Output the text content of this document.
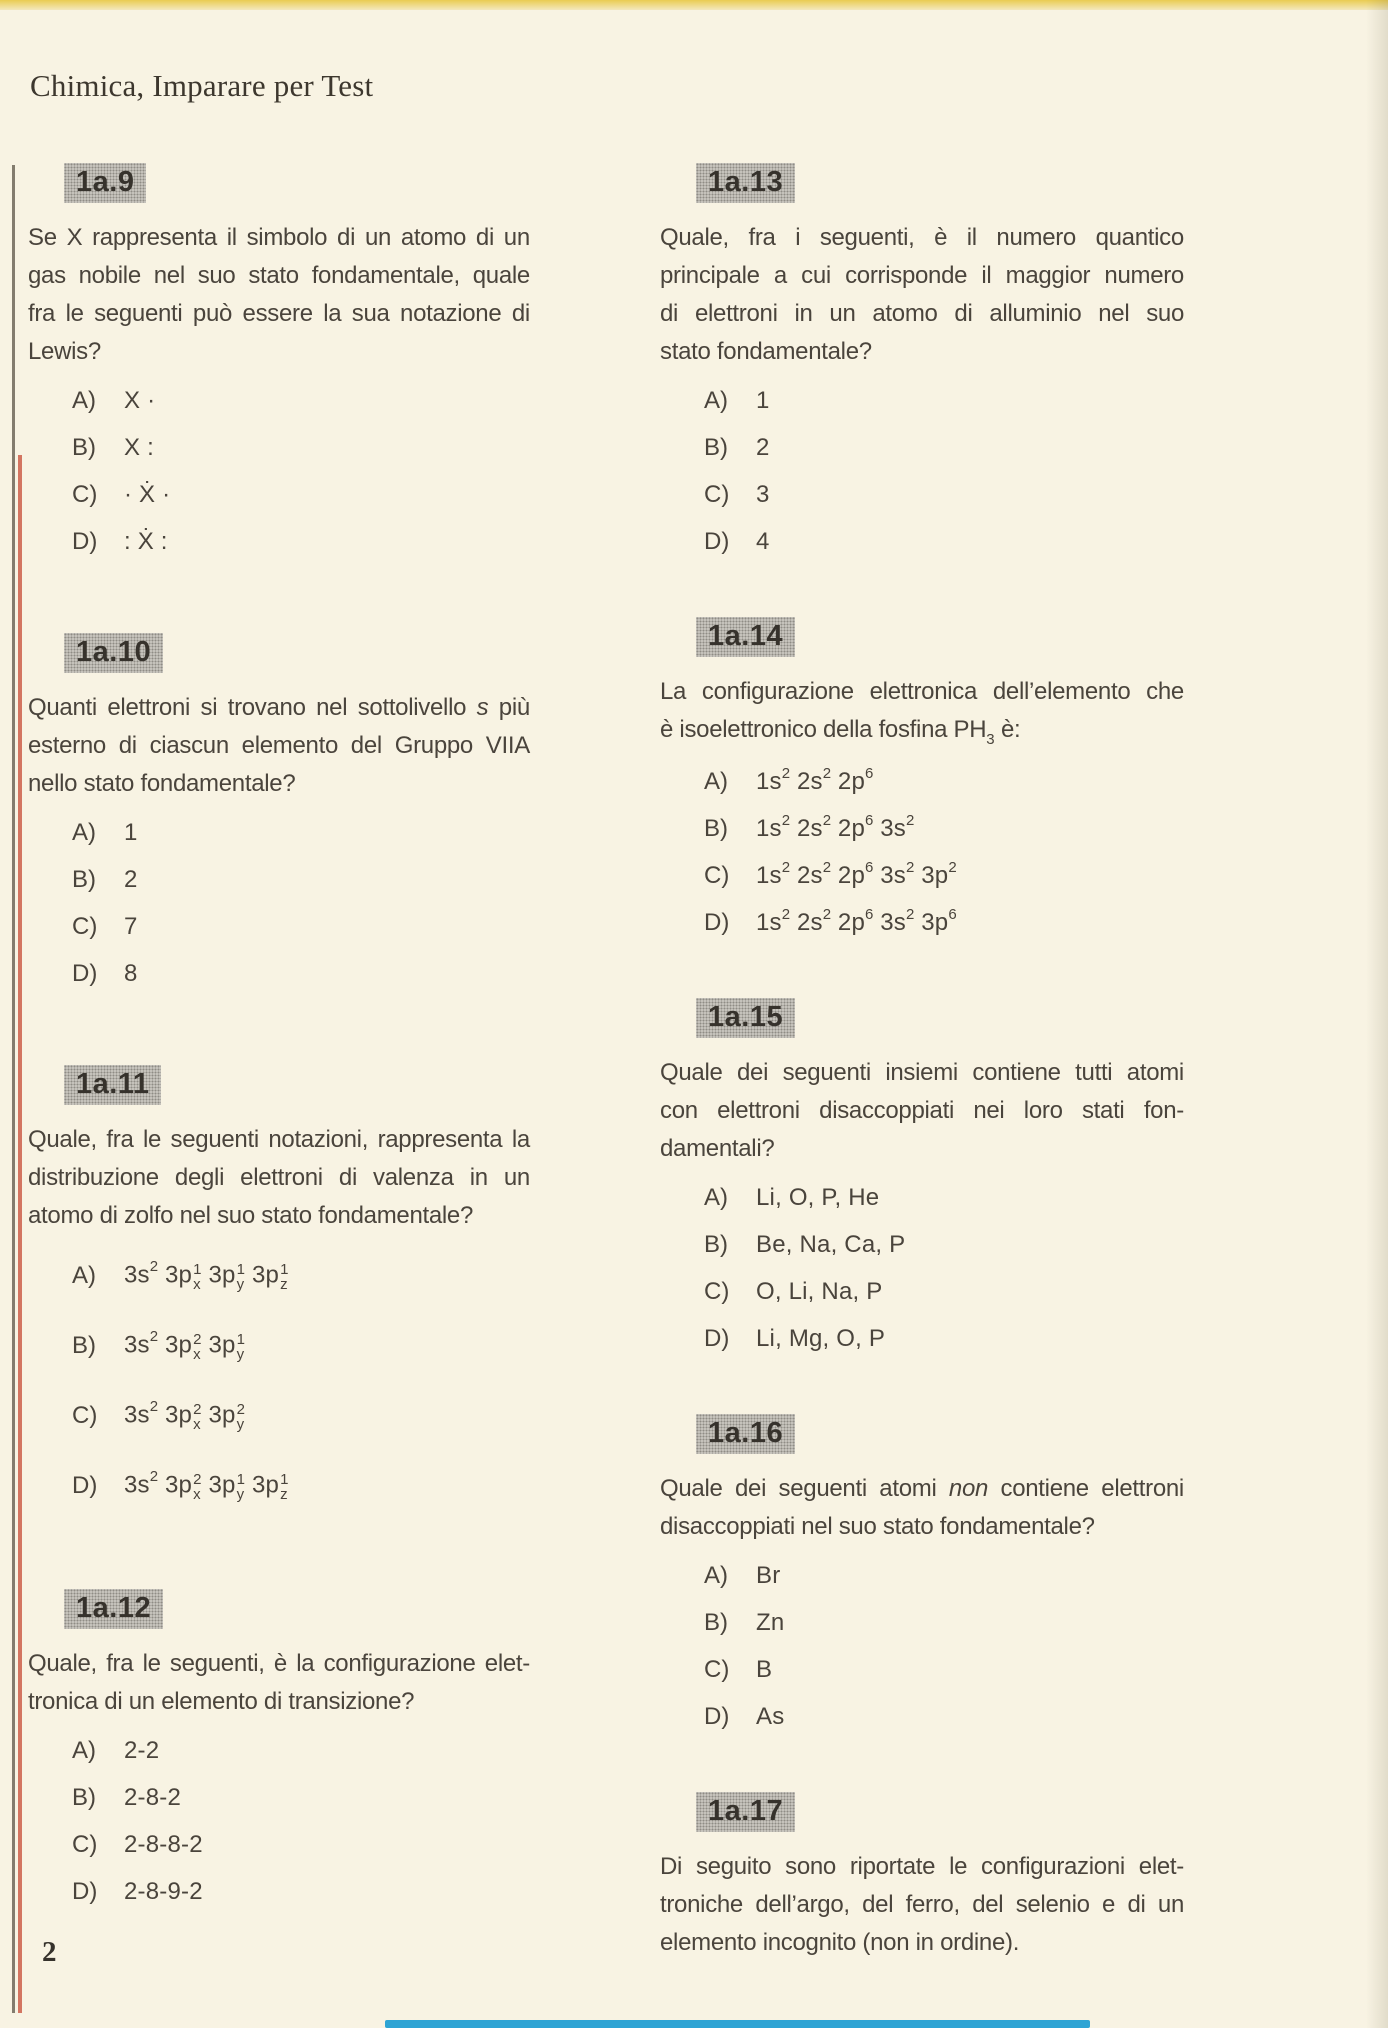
Chimica, Imparare per Test
1a.9
Se X rappresenta il simbolo di un atomo di un
gas nobile nel suo stato fondamentale, quale
fra le seguenti può essere la sua notazione di
Lewis?
A)	X ·
B)	X :
C)	· Ẋ ·
D)	: Ẋ :
1a.10
Quanti elettroni si trovano nel sottolivello s più
esterno di ciascun elemento del Gruppo VIIA
nello stato fondamentale?
A)	1
B)	2
C)	7
D)	8
1a.11
Quale, fra le seguenti notazioni, rappresenta la
distribuzione degli elettroni di valenza in un
atomo di zolfo nel suo stato fondamentale?
A)	$3s^2$ 3p 1
x 3p 1
y 3p 1
z
B)	$3s^2$ 3p 2
x 3p 1
y
C)	$3s^2$ 3p 2
x 3p 2
y
D)	$3s^2$ 3p 2
x 3p 1
y 3p 1
z
1a.12
Quale, fra le seguenti, è la configurazione elet-
tronica di un elemento di transizione?
A)	2-2
B)	2-8-2
C)	2-8-8-2
D)	2-8-9-2
1a.13
Quale, fra i seguenti, è il numero quantico
principale a cui corrisponde il maggior numero
di elettroni in un atomo di alluminio nel suo
stato fondamentale?
A)	1
B)	2
C)	3
D)	4
1a.14
La configurazione elettronica dell’elemento che
è isoelettronico della fosfina $PH_3$ è:
A)	$1s^2$ $2s^2$ $2p^6$
B)	$1s^2$ $2s^2$ $2p^6$ $3s^2$
C)	$1s^2$ $2s^2$ $2p^6$ $3s^2$ $3p^2$
D)	$1s^2$ $2s^2$ $2p^6$ $3s^2$ $3p^6$
1a.15
Quale dei seguenti insiemi contiene tutti atomi
con elettroni disaccoppiati nei loro stati fon-
damentali?
A)	Li, O, P, He
B)	Be, Na, Ca, P
C)	O, Li, Na, P
D)	Li, Mg, O, P
1a.16
Quale dei seguenti atomi non contiene elettroni
disaccoppiati nel suo stato fondamentale?
A)	Br
B)	Zn
C)	B
D)	As
1a.17
Di seguito sono riportate le configurazioni elet-
troniche dell’argo, del ferro, del selenio e di un
elemento incognito (non in ordine).
2
